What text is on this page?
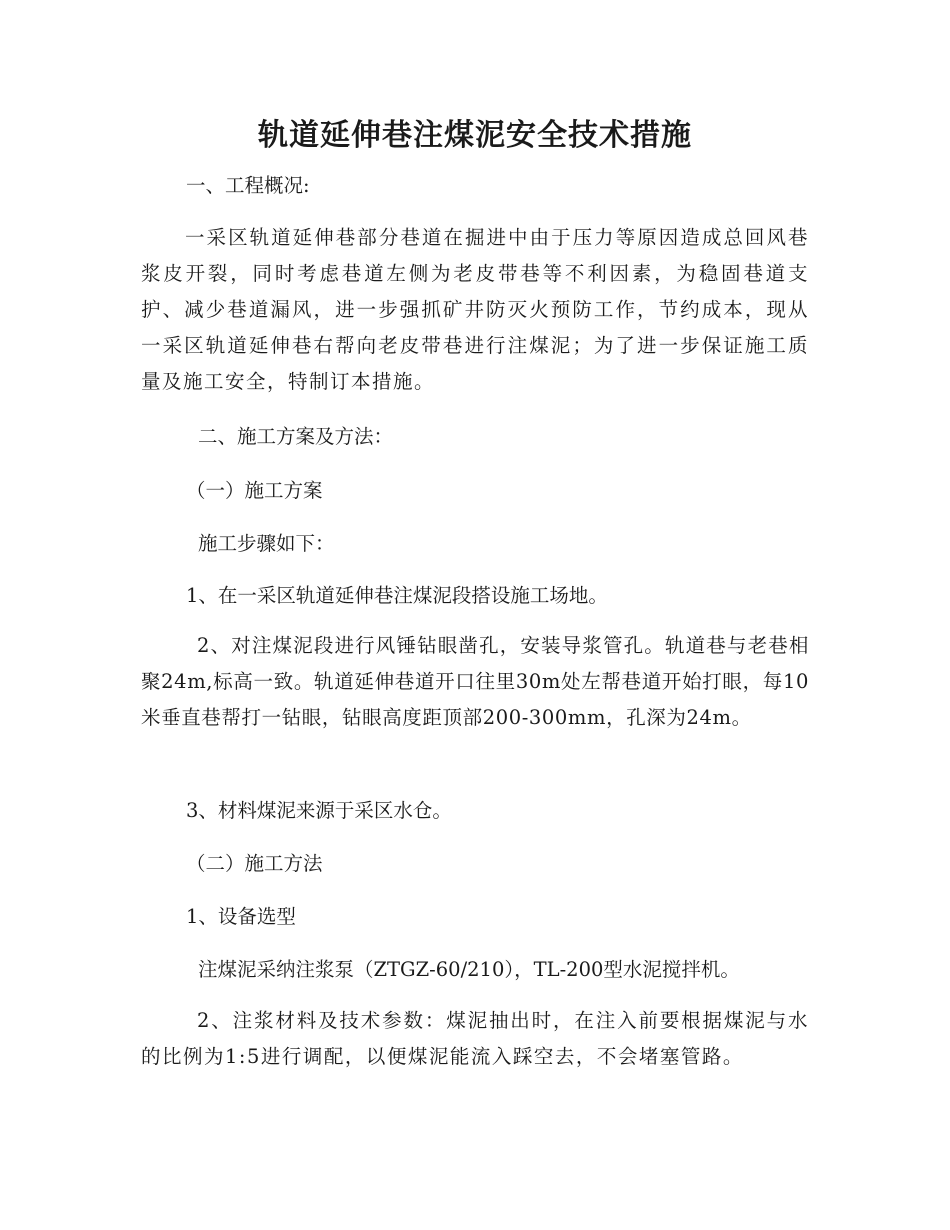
轨道延伸巷注煤泥安全技术措施

一、工程概况:

一采区轨道延伸巷部分巷道在掘进中由于压力等原因造成总回风巷浆皮开裂，同时考虑巷道左侧为老皮带巷等不利因素，为稳固巷道支护、减少巷道漏风，进一步强抓矿井防灭火预防工作，节约成本，现从一采区轨道延伸巷右帮向老皮带巷进行注煤泥；为了进一步保证施工质量及施工安全，特制订本措施。

二、施工方案及方法：

（一）施工方案

施工步骤如下：

1、在一采区轨道延伸巷注煤泥段搭设施工场地。

2、对注煤泥段进行风锤钻眼凿孔，安装导浆管孔。轨道巷与老巷相聚24m,标高一致。轨道延伸巷道开口往里30m处左帮巷道开始打眼，每10米垂直巷帮打一钻眼，钻眼高度距顶部200-300mm，孔深为24m。

3、材料煤泥来源于采区水仓。

（二）施工方法

1、设备选型

注煤泥采纳注浆泵（ZTGZ-60/210），TL-200型水泥搅拌机。

2、注浆材料及技术参数：煤泥抽出时，在注入前要根据煤泥与水的比例为1:5进行调配，以便煤泥能流入踩空去，不会堵塞管路。
